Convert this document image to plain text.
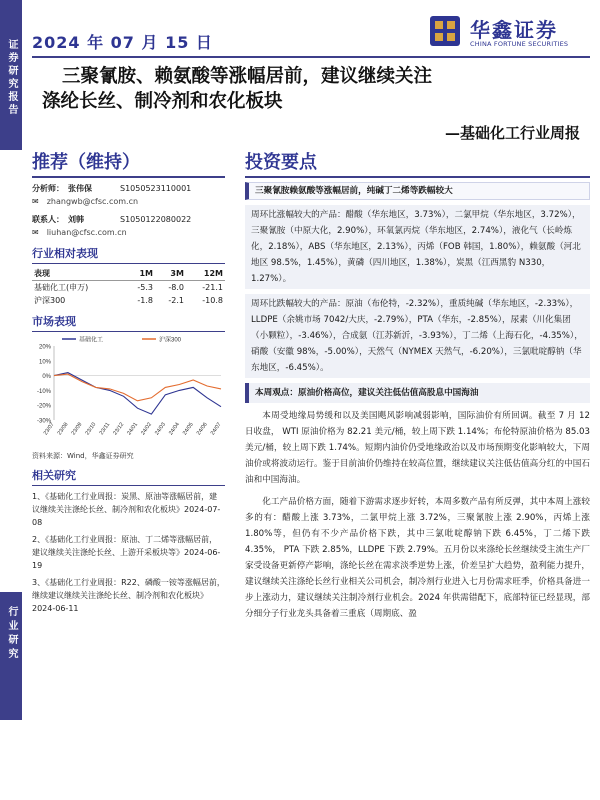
证券研究报告
行业研究
2024 年 07 月 15 日
华鑫证券
CHINA FORTUNE SECURITIES
三聚氰胺、赖氨酸等涨幅居前，建议继续关注
涤纶长丝、制冷剂和农化板块
—基础化工行业周报
推荐（维持）	投资要点
分析师： 张伟保	S1050523110001
✉	zhangwb@cfsc.com.cn
联系人： 刘韩	S1050122080022
✉	liuhan@cfsc.com.cn
行业相对表现
表现	1M	3M	12M
基础化工(申万)	-5.3	-8.0	-21.1
沪深300	-1.8	-2.1	-10.8
市场表现
20%
10%
0%
-10%
-20%
-30%
23/07 23/08 23/09 23/10 23/11 23/12 24/01 24/02 24/03 24/04 24/05 24/06 24/07
基础化工	沪深300
资料来源：Wind，华鑫证券研究
相关研究

1、《基础化工行业周报：炭黑、原油等涨幅居前，建议继续关注涤纶长丝、制冷剂和农化板块》2024-07-08

2、《基础化工行业周报：原油、丁二烯等涨幅居前，建议继续关注涤纶长丝、上游开采板块等》2024-06-19

3、《基础化工行业周报：R22、磷酸一铵等涨幅居前，继续建议继续关注涤纶长丝、制冷剂和农化板块》2024-06-11

三聚氰胺赖氨酸等涨幅居前，纯碱丁二烯等跌幅较大
周环比涨幅较大的产品：醋酸（华东地区，3.73%），二氯甲烷（华东地区，3.72%），三聚氰胺（中原大化，2.90%），环氧氯丙烷（华东地区，2.74%），液化气（长岭炼化，2.18%），ABS（华东地区，2.13%），丙烯（FOB 韩国，1.80%），赖氨酸（河北地区 98.5%，1.45%），黄磷（四川地区，1.38%），炭黑（江西黑豹 N330，1.27%）。
周环比跌幅较大的产品：原油（布伦特，-2.32%），重质纯碱（华东地区，-2.33%），LLDPE（余姚市场 7042/大庆，-2.79%），PTA（华东，-2.85%），尿素（川化集团（小颗粒），-3.46%），合成氨（江苏新沂，-3.93%），丁二烯（上海石化，-4.35%），硝酸（安徽 98%，-5.00%），天然气（NYMEX 天然气，-6.20%），三氯吡啶醇钠（华东地区，-6.45%）。
本周观点：原油价格高位，建议关注低估值高股息中国海油
本周受地缘局势缓和以及美国飓风影响减弱影响，国际油价有所回调。截至 7 月 12 日收盘， WTI 原油价格为 82.21 美元/桶，较上周下跌 1.14%；布伦特原油价格为 85.03 美元/桶，较上周下跌 1.74%。短期内油价仍受地缘政治以及市场预期变化影响较大，下周油价或将波动运行。鉴于目前油价仍维持在较高位置，继续建议关注低估值高分红的中国石油和中国海油。
化工产品价格方面，随着下游需求逐步好转，本周多数产品有所反弹，其中本周上涨较多的有：醋酸上涨 3.73%，二氯甲烷上涨 3.72%，三聚氰胺上涨 2.90%，丙烯上涨 1.80%等，但仍有不少产品价格下跌，其中三氯吡啶醇钠下跌 6.45%，丁二烯下跌 4.35%， PTA 下跌 2.85%，LLDPE 下跌 2.79%。五月份以来涤纶长丝继续受主流生产厂家受设备更新停产影响，涤纶长丝在需求淡季逆势上涨，价差呈扩大趋势，盈利能力提升，建议继续关注涤纶长丝行业相关公司机会，制冷剂行业进入七月份需求旺季，价格具备进一步上涨动力，建议继续关注制冷剂行业机会。2024 年供需错配下，底部特征已经显现，部分细分子行业龙头具备着三重底（周期底、盈
